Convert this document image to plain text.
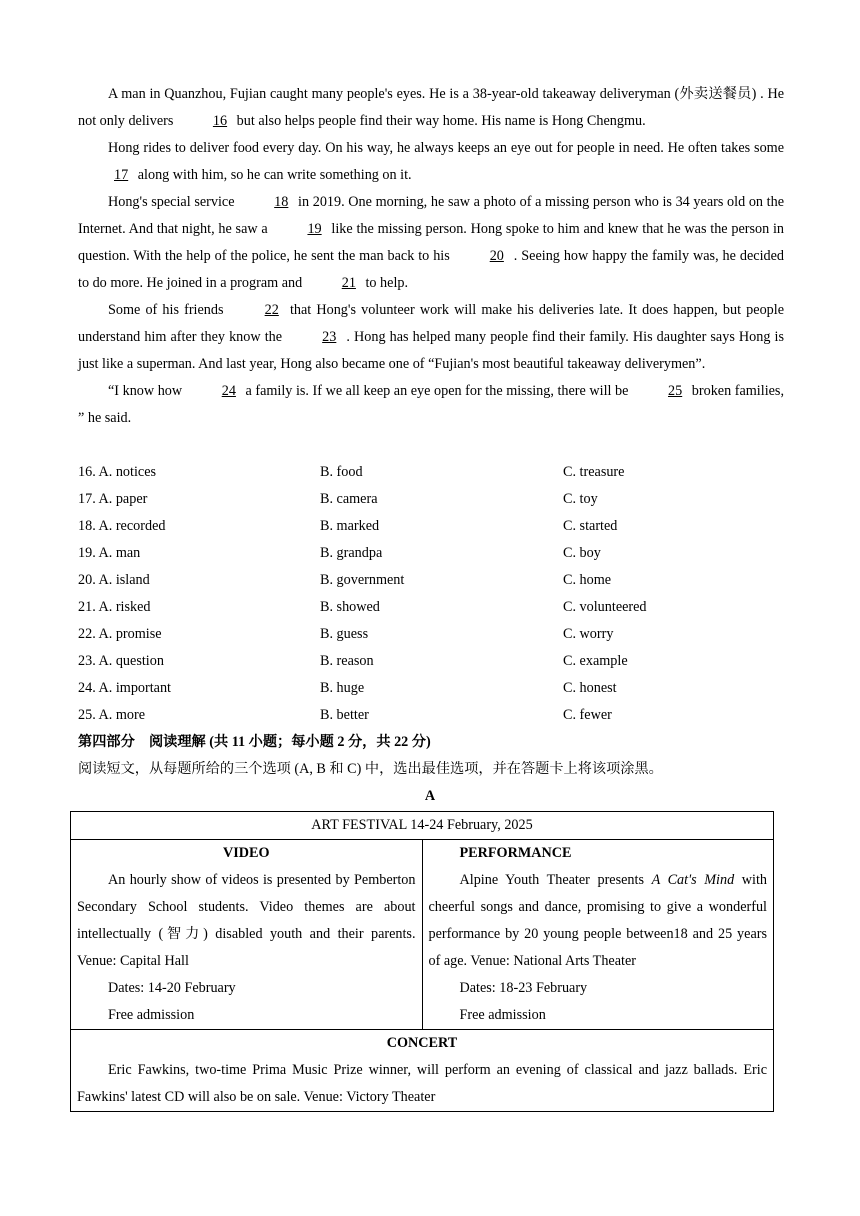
A man in Quanzhou, Fujian caught many people's eyes. He is a 38-year-old takeaway deliveryman (外卖送餐员) . He not only delivers	16 but also helps people find their way home. His name is Hong Chengmu.

Hong rides to deliver food every day. On his way, he always keeps an eye out for people in need. He often takes some 17 along with him, so he can write something on it.

Hong's special service	18 in 2019. One morning, he saw a photo of a missing person who is 34 years old on the Internet. And that night, he saw a	19 like the missing person. Hong spoke to him and knew that he was the person in question. With the help of the police, he sent the man back to his	20 . Seeing how happy the family was, he decided to do more. He joined in a program and	21 to help.

Some of his friends	22 that Hong's volunteer work will make his deliveries late. It does happen, but people understand him after they know the	23 . Hong has helped many people find their family. His daughter says Hong is just like a superman. And last year, Hong also became one of “Fujian's most beautiful takeaway deliverymen”.

“I know how	24 a family is. If we all keep an eye open for the missing, there will be	25 broken families, ” he said.

16. A. notices	B. food	C. treasure
17. A. paper	B. camera	C. toy
18. A. recorded	B. marked	C. started
19. A. man	B. grandpa	C. boy
20. A. island	B. government	C. home
21. A. risked	B. showed	C. volunteered
22. A. promise	B. guess	C. worry
23. A. question	B. reason	C. example
24. A. important	B. huge	C. honest
25. A. more	B. better	C. fewer
第四部分　阅读理解 (共 11 小题；每小题 2 分，共 22 分)
阅读短文，从每题所给的三个选项 (A, B 和 C) 中，选出最佳选项，并在答题卡上将该项涂黑。
A
ART FESTIVAL 14-24 February, 2025

VIDEO

An hourly show of videos is presented by Pemberton Secondary School students. Video themes are about intellectually (智力) disabled youth and their parents. Venue: Capital Hall

Dates: 14-20 February

Free admission

PERFORMANCE

Alpine Youth Theater presents A Cat's Mind with cheerful songs and dance, promising to give a wonderful performance by 20 young people between18 and 25 years of age. Venue: National Arts Theater

Dates: 18-23 February

Free admission

CONCERT

Eric Fawkins, two-time Prima Music Prize winner, will perform an evening of classical and jazz ballads. Eric Fawkins' latest CD will also be on sale. Venue: Victory Theater
